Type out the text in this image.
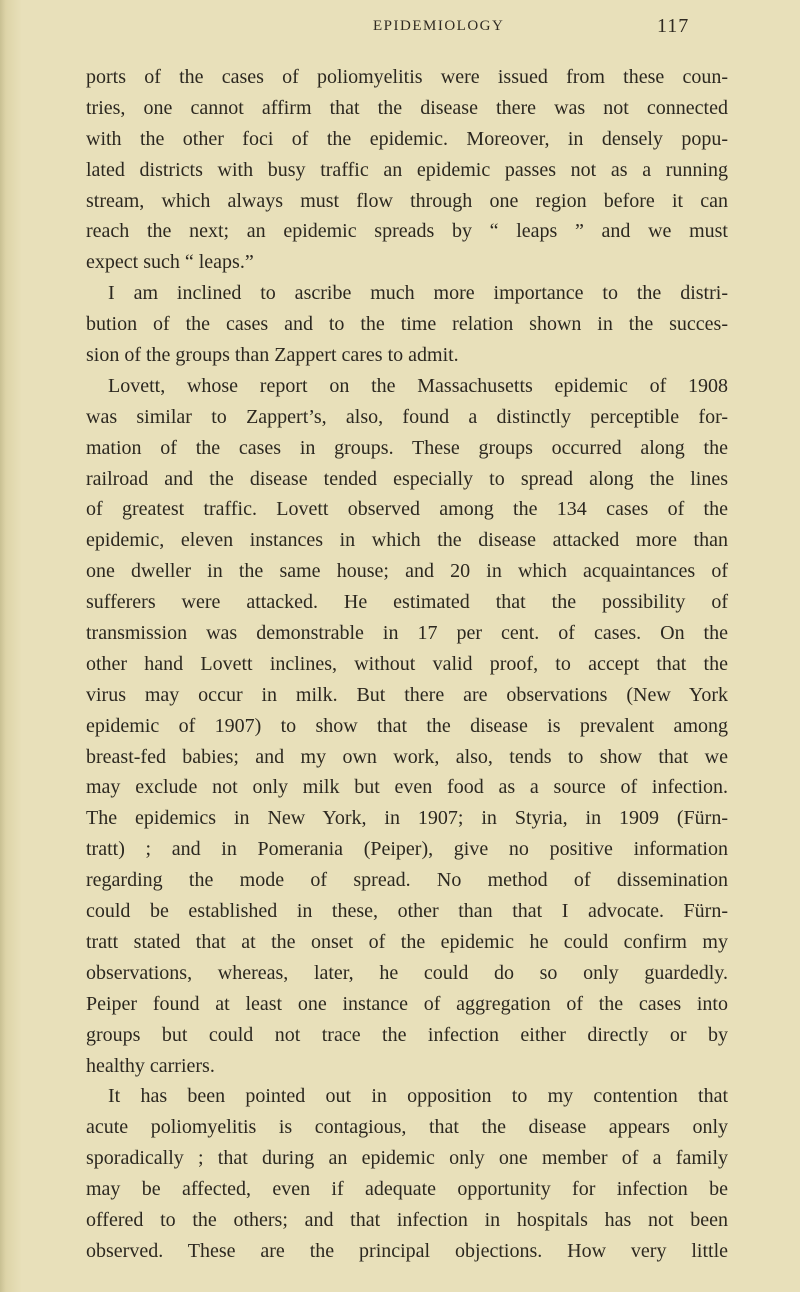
EPIDEMIOLOGY	117
ports of the cases of poliomyelitis were issued from these coun-
tries, one cannot affirm that the disease there was not connected
with the other foci of the epidemic. Moreover, in densely popu-
lated districts with busy traffic an epidemic passes not as a running
stream, which always must flow through one region before it can
reach the next; an epidemic spreads by “ leaps ” and we must
expect such “ leaps.”
I am inclined to ascribe much more importance to the distri-
bution of the cases and to the time relation shown in the succes-
sion of the groups than Zappert cares to admit.
Lovett, whose report on the Massachusetts epidemic of 1908
was similar to Zappert’s, also, found a distinctly perceptible for-
mation of the cases in groups. These groups occurred along the
railroad and the disease tended especially to spread along the lines
of greatest traffic. Lovett observed among the 134 cases of the
epidemic, eleven instances in which the disease attacked more than
one dweller in the same house; and 20 in which acquaintances of
sufferers were attacked. He estimated that the possibility of
transmission was demonstrable in 17 per cent. of cases. On the
other hand Lovett inclines, without valid proof, to accept that the
virus may occur in milk. But there are observations (New York
epidemic of 1907) to show that the disease is prevalent among
breast-fed babies; and my own work, also, tends to show that we
may exclude not only milk but even food as a source of infection.
The epidemics in New York, in 1907; in Styria, in 1909 (Fürn-
tratt) ; and in Pomerania (Peiper), give no positive information
regarding the mode of spread. No method of dissemination
could be established in these, other than that I advocate. Fürn-
tratt stated that at the onset of the epidemic he could confirm my
observations, whereas, later, he could do so only guardedly.
Peiper found at least one instance of aggregation of the cases into
groups but could not trace the infection either directly or by
healthy carriers.
It has been pointed out in opposition to my contention that
acute poliomyelitis is contagious, that the disease appears only
sporadically ; that during an epidemic only one member of a family
may be affected, even if adequate opportunity for infection be
offered to the others; and that infection in hospitals has not been
observed. These are the principal objections. How very little
